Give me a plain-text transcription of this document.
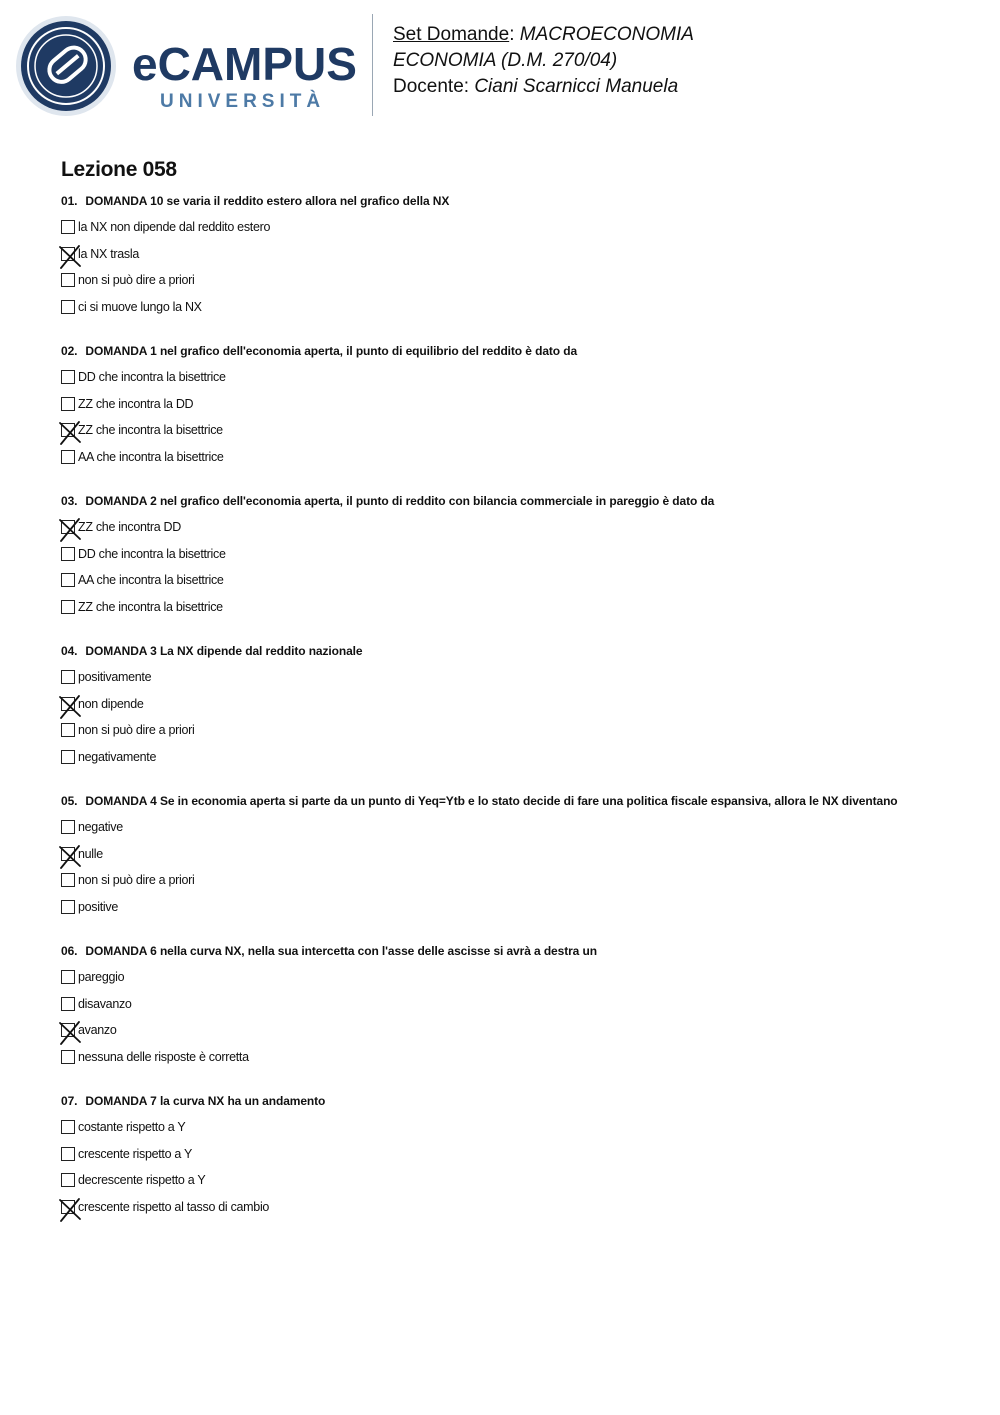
eCAMPUS
UNIVERSITÀ
Set Domande: MACROECONOMIA
ECONOMIA (D.M. 270/04)
Docente: Ciani Scarnicci Manuela
Lezione 058
01. DOMANDA 10 se varia il reddito estero allora nel grafico della NX
la NX non dipende dal reddito estero
la NX trasla
non si può dire a priori
ci si muove lungo la NX
02. DOMANDA 1 nel grafico dell'economia aperta, il punto di equilibrio del reddito è dato da
DD che incontra la bisettrice
ZZ che incontra la DD
ZZ che incontra la bisettrice
AA che incontra la bisettrice
03. DOMANDA 2 nel grafico dell'economia aperta, il punto di reddito con bilancia commerciale in pareggio è dato da
ZZ che incontra DD
DD che incontra la bisettrice
AA che incontra la bisettrice
ZZ che incontra la bisettrice
04. DOMANDA 3 La NX dipende dal reddito nazionale
positivamente
non dipende
non si può dire a priori
negativamente
05. DOMANDA 4 Se in economia aperta si parte da un punto di Yeq=Ytb e lo stato decide di fare una politica fiscale espansiva, allora le NX diventano
negative
nulle
non si può dire a priori
positive
06. DOMANDA 6 nella curva NX, nella sua intercetta con l'asse delle ascisse si avrà a destra un
pareggio
disavanzo
avanzo
nessuna delle risposte è corretta
07. DOMANDA 7 la curva NX ha un andamento
costante rispetto a Y
crescente rispetto a Y
decrescente rispetto a Y
crescente rispetto al tasso di cambio
